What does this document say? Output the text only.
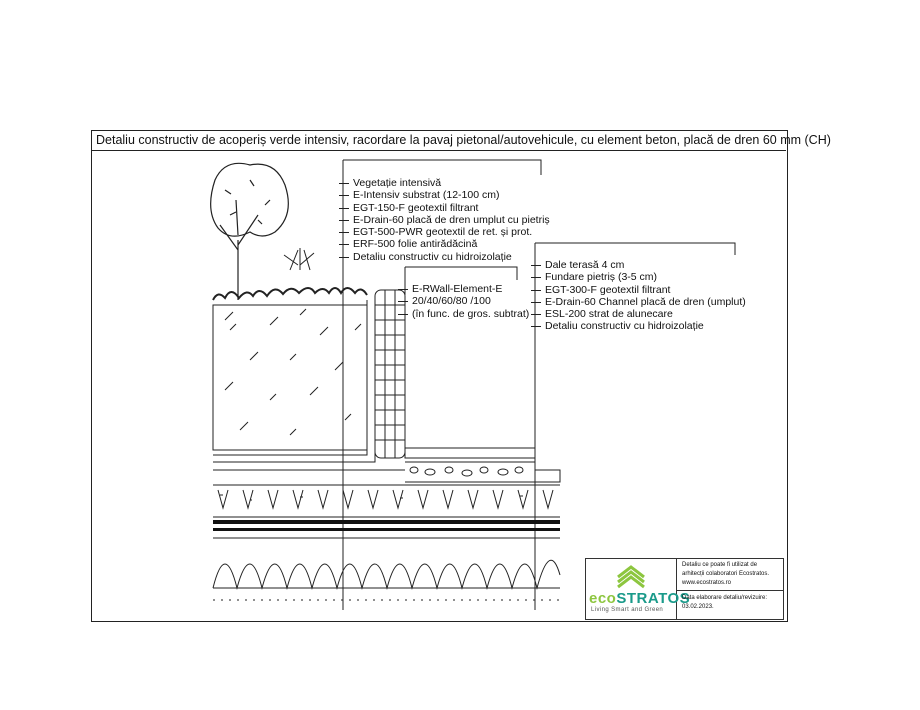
Detaliu constructiv de acoperiș verde intensiv, racordare la pavaj pietonal/autovehicule, cu element beton, placă de dren 60 mm (CH)
Vegetație intensivă
E-Intensiv substrat (12-100 cm)
EGT-150-F geotextil filtrant
E-Drain-60 placă de dren umplut cu pietriș
EGT-500-PWR geotextil de ret. și prot.
ERF-500 folie antirădăcină
Detaliu constructiv cu hidroizolație
E-RWall-Element-E
20/40/60/80 /100
(în func. de gros. subtrat)
Dale terasă 4 cm
Fundare pietriș (3-5 cm)
EGT-300-F geotextil filtrant
E-Drain-60 Channel placă de dren (umplut)
ESL-200 strat de alunecare
Detaliu constructiv cu hidroizolație
ecoSTRATOS
Living Smart and Green
Detaliu ce poate fi utilizat de
arhitecții colaboratori Ecostratos.
www.ecostratos.ro
Data elaborare detaliu/revizuire:
03.02.2023.
